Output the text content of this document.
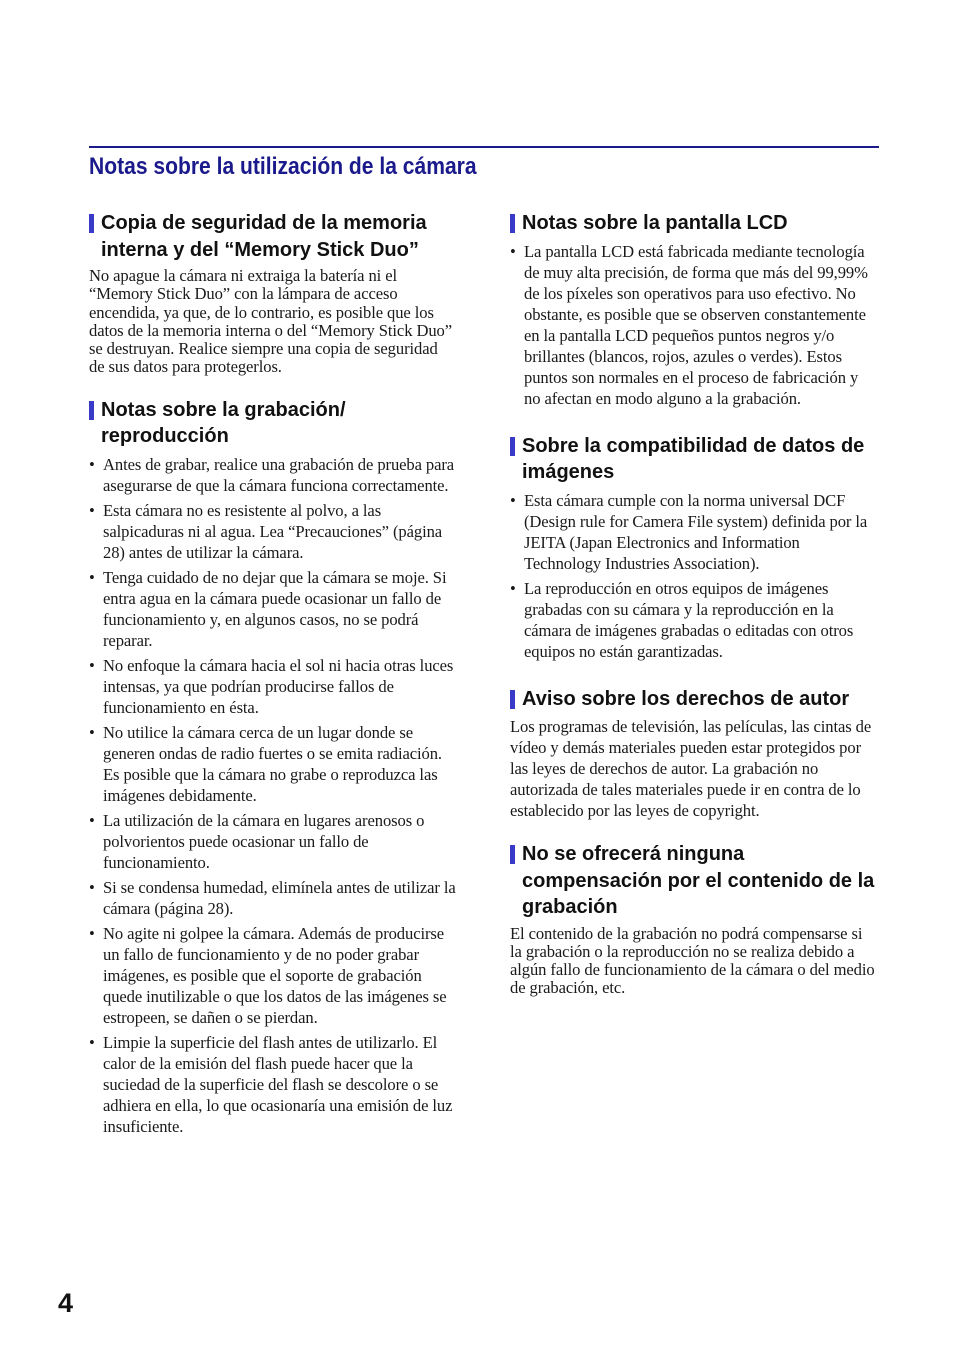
Notas sobre la utilización de la cámara
Copia de seguridad de la memoria interna y del “Memory Stick Duo”

No apague la cámara ni extraiga la batería ni el “Memory Stick Duo” con la lámpara de acceso encendida, ya que, de lo contrario, es posible que los datos de la memoria interna o del “Memory Stick Duo” se destruyan. Realice siempre una copia de seguridad de sus datos para protegerlos.

Notas sobre la grabación/ reproducción
• Antes de grabar, realice una grabación de prueba para asegurarse de que la cámara funciona correctamente.
• Esta cámara no es resistente al polvo, a las salpicaduras ni al agua. Lea “Precauciones” (página 28) antes de utilizar la cámara.
• Tenga cuidado de no dejar que la cámara se moje. Si entra agua en la cámara puede ocasionar un fallo de funcionamiento y, en algunos casos, no se podrá reparar.
• No enfoque la cámara hacia el sol ni hacia otras luces intensas, ya que podrían producirse fallos de funcionamiento en ésta.
• No utilice la cámara cerca de un lugar donde se generen ondas de radio fuertes o se emita radiación. Es posible que la cámara no grabe o reproduzca las imágenes debidamente.
• La utilización de la cámara en lugares arenosos o polvorientos puede ocasionar un fallo de funcionamiento.
• Si se condensa humedad, elimínela antes de utilizar la cámara (página 28).
• No agite ni golpee la cámara. Además de producirse un fallo de funcionamiento y de no poder grabar imágenes, es posible que el soporte de grabación quede inutilizable o que los datos de las imágenes se estropeen, se dañen o se pierdan.
• Limpie la superficie del flash antes de utilizarlo. El calor de la emisión del flash puede hacer que la suciedad de la superficie del flash se descolore o se adhiera en ella, lo que ocasionaría una emisión de luz insuficiente.
Notas sobre la pantalla LCD
• La pantalla LCD está fabricada mediante tecnología de muy alta precisión, de forma que más del 99,99% de los píxeles son operativos para uso efectivo. No obstante, es posible que se observen constantemente en la pantalla LCD pequeños puntos negros y/o brillantes (blancos, rojos, azules o verdes). Estos puntos son normales en el proceso de fabricación y no afectan en modo alguno a la grabación.
Sobre la compatibilidad de datos de imágenes
• Esta cámara cumple con la norma universal DCF (Design rule for Camera File system) definida por la JEITA (Japan Electronics and Information Technology Industries Association).
• La reproducción en otros equipos de imágenes grabadas con su cámara y la reproducción en la cámara de imágenes grabadas o editadas con otros equipos no están garantizadas.
Aviso sobre los derechos de autor

Los programas de televisión, las películas, las cintas de vídeo y demás materiales pueden estar protegidos por las leyes de derechos de autor. La grabación no autorizada de tales materiales puede ir en contra de lo establecido por las leyes de copyright.

No se ofrecerá ninguna compensación por el contenido de la grabación

El contenido de la grabación no podrá compensarse si la grabación o la reproducción no se realiza debido a algún fallo de funcionamiento de la cámara o del medio de grabación, etc.

4
